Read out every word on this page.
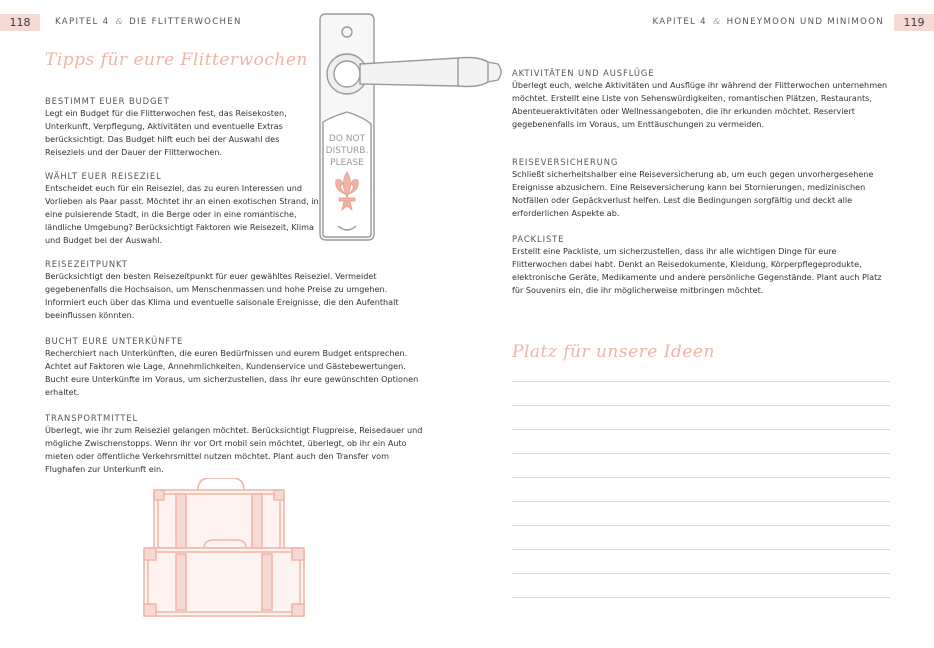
118	KAPITEL 4 & DIE FLITTERWOCHEN
Tipps für eure Flitterwochen
BESTIMMT EUER BUDGET

Legt ein Budget für die Flitterwochen fest, das Reisekosten, Unterkunft, Verpflegung, Aktivitäten und eventuelle Extras berücksichtigt. Das Budget hilft euch bei der Auswahl des Reiseziels und der Dauer der Flitterwochen.

WÄHLT EUER REISEZIEL

Entscheidet euch für ein Reiseziel, das zu euren Interessen und Vorlieben als Paar passt. Möchtet ihr an einen exotischen Strand, in eine pulsierende Stadt, in die Berge oder in eine romantische, ländliche Umgebung? Berücksichtigt Faktoren wie Reisezeit, Klima und Budget bei der Auswahl.

REISEZEITPUNKT

Berücksichtigt den besten Reisezeitpunkt für euer gewähltes Reiseziel. Vermeidet gegebenenfalls die Hochsaison, um Menschenmassen und hohe Preise zu umgehen. Informiert euch über das Klima und eventuelle saisonale Ereignisse, die den Aufenthalt beeinflussen könnten.

BUCHT EURE UNTERKÜNFTE

Recherchiert nach Unterkünften, die euren Bedürfnissen und eurem Budget entsprechen. Achtet auf Faktoren wie Lage, Annehmlichkeiten, Kundenservice und Gästebewertungen. Bucht eure Unterkünfte im Voraus, um sicherzustellen, dass ihr eure gewünschten Optionen erhaltet.

TRANSPORTMITTEL

Überlegt, wie ihr zum Reiseziel gelangen möchtet. Berücksichtigt Flugpreise, Reisedauer und mögliche Zwischenstopps. Wenn ihr vor Ort mobil sein möchtet, überlegt, ob ihr ein Auto mieten oder öffentliche Verkehrsmittel nutzen möchtet. Plant auch den Transfer vom Flughafen zur Unterkunft ein.

DO NOT
DISTURB.
PLEASE
119
KAPITEL 4 & HONEYMOON UND MINIMOON
AKTIVITÄTEN UND AUSFLÜGE

Überlegt euch, welche Aktivitäten und Ausflüge ihr während der Flitterwochen unternehmen möchtet. Erstellt eine Liste von Sehenswürdigkeiten, romantischen Plätzen, Restaurants, Abenteueraktivitäten oder Wellnessangeboten, die ihr erkunden möchtet. Reserviert gegebenenfalls im Voraus, um Enttäuschungen zu vermeiden.

REISEVERSICHERUNG

Schließt sicherheitshalber eine Reiseversicherung ab, um euch gegen unvorhergesehene Ereignisse abzusichern. Eine Reiseversicherung kann bei Stornierungen, medizinischen Notfällen oder Gepäckverlust helfen. Lest die Bedingungen sorgfältig und deckt alle erforderlichen Aspekte ab.

PACKLISTE

Erstellt eine Packliste, um sicherzustellen, dass ihr alle wichtigen Dinge für eure Flitterwochen dabei habt. Denkt an Reisedokumente, Kleidung, Körperpflegeprodukte, elektronische Geräte, Medikamente und andere persönliche Gegenstände. Plant auch Platz für Souvenirs ein, die ihr möglicherweise mitbringen möchtet.

Platz für unsere Ideen
